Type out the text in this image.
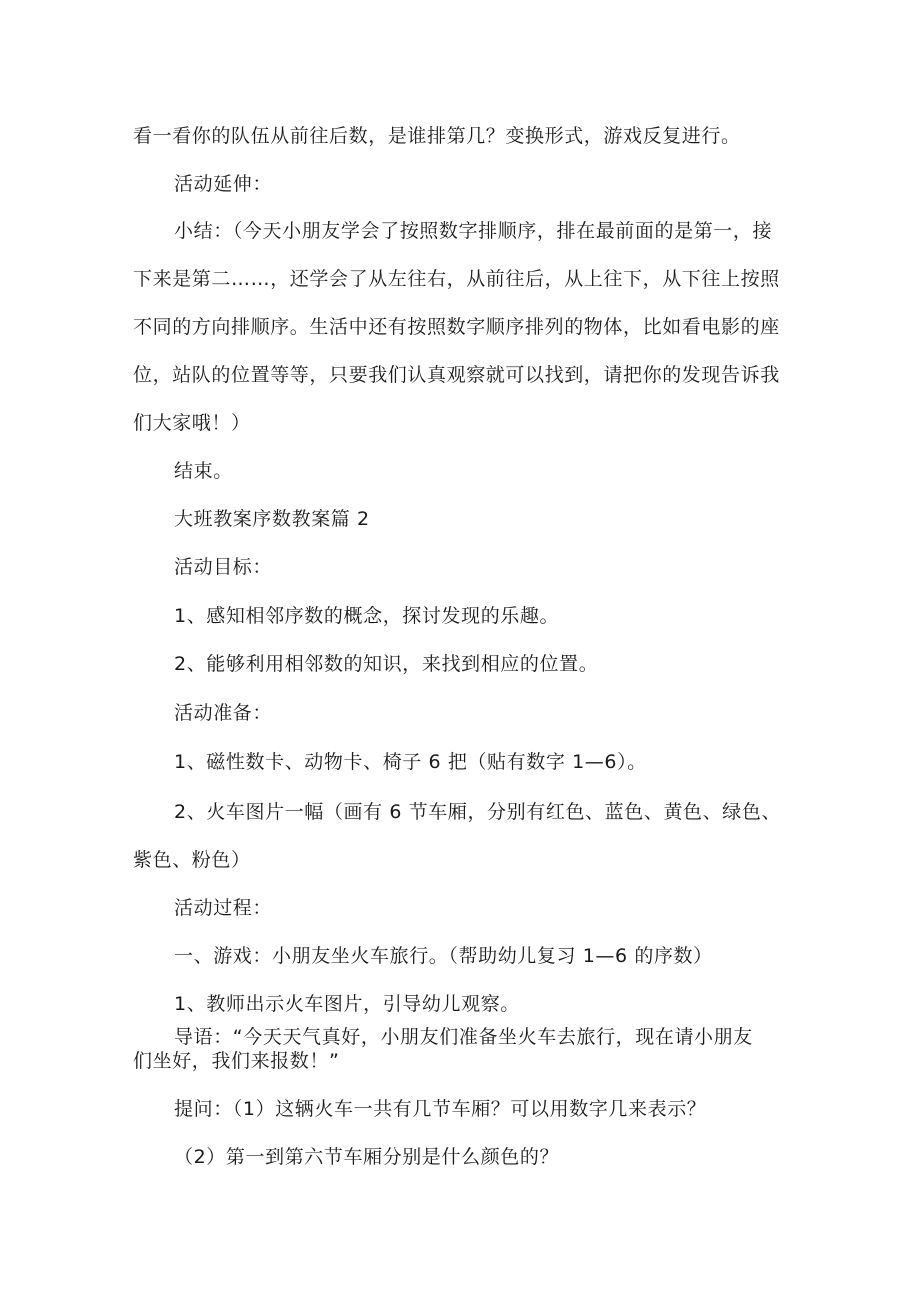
看一看你的队伍从前往后数，是谁排第几？变换形式，游戏反复进行。

活动延伸：

小结：（今天小朋友学会了按照数字排顺序，排在最前面的是第一，接

下来是第二……，还学会了从左往右，从前往后，从上往下，从下往上按照

不同的方向排顺序。生活中还有按照数字顺序排列的物体，比如看电影的座

位，站队的位置等等，只要我们认真观察就可以找到，请把你的发现告诉我

们大家哦！）

结束。

大班教案序数教案篇 2

活动目标：

1、感知相邻序数的概念，探讨发现的乐趣。

2、能够利用相邻数的知识，来找到相应的位置。

活动准备：

1、磁性数卡、动物卡、椅子 6 把（贴有数字 1—6）。

2、火车图片一幅（画有 6 节车厢，分别有红色、蓝色、黄色、绿色、

紫色、粉色）

活动过程：

一、游戏：小朋友坐火车旅行。（帮助幼儿复习 1—6 的序数）

1、教师出示火车图片，引导幼儿观察。

导语：“今天天气真好，小朋友们准备坐火车去旅行，现在请小朋友

们坐好，我们来报数！”

提问：（1）这辆火车一共有几节车厢？可以用数字几来表示？

（2）第一到第六节车厢分别是什么颜色的？
